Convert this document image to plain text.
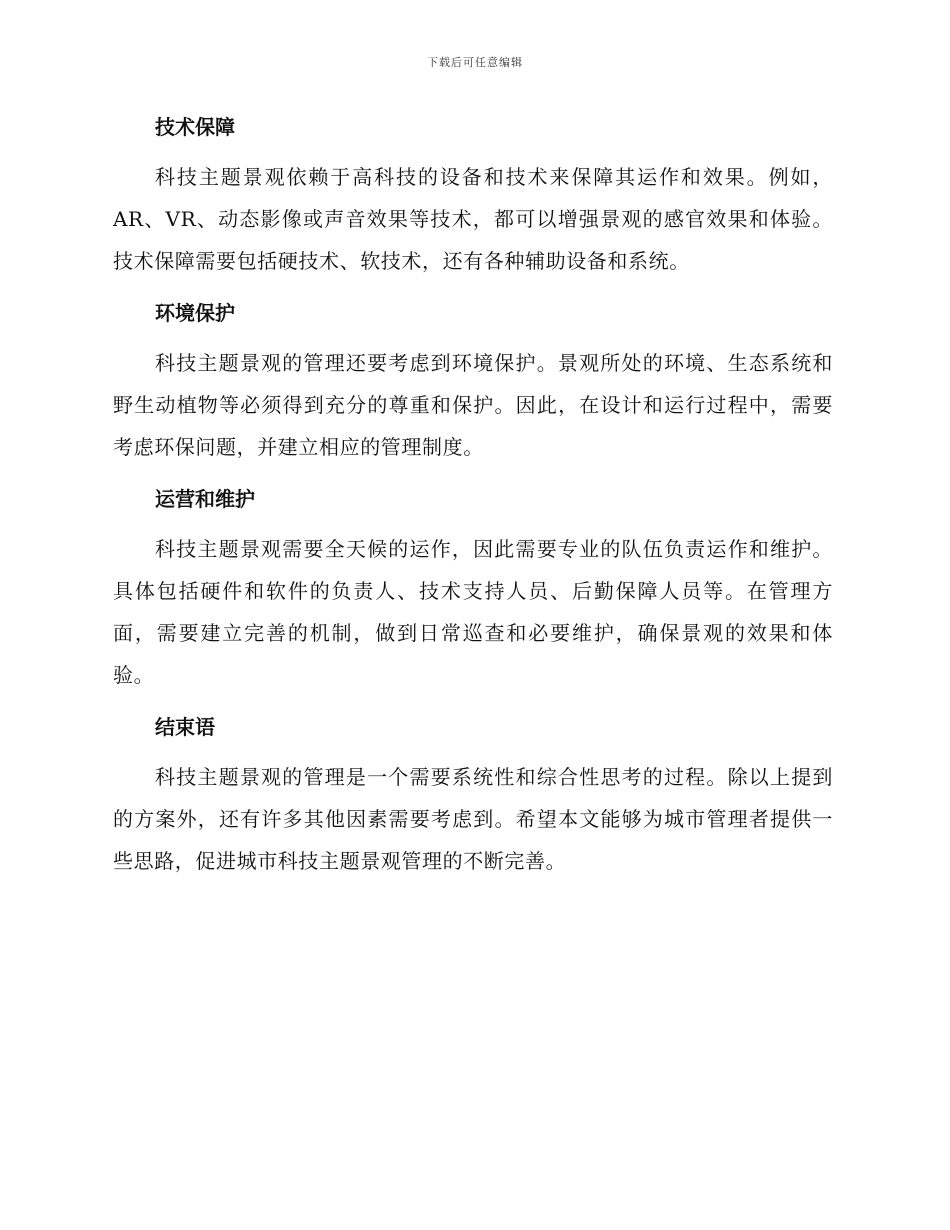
下载后可任意编辑
技术保障

科技主题景观依赖于高科技的设备和技术来保障其运作和效果。例如，AR、VR、动态影像或声音效果等技术，都可以增强景观的感官效果和体验。技术保障需要包括硬技术、软技术，还有各种辅助设备和系统。

环境保护

科技主题景观的管理还要考虑到环境保护。景观所处的环境、生态系统和野生动植物等必须得到充分的尊重和保护。因此，在设计和运行过程中，需要考虑环保问题，并建立相应的管理制度。

运营和维护

科技主题景观需要全天候的运作，因此需要专业的队伍负责运作和维护。具体包括硬件和软件的负责人、技术支持人员、后勤保障人员等。在管理方面，需要建立完善的机制，做到日常巡查和必要维护，确保景观的效果和体验。

结束语

科技主题景观的管理是一个需要系统性和综合性思考的过程。除以上提到的方案外，还有许多其他因素需要考虑到。希望本文能够为城市管理者提供一些思路，促进城市科技主题景观管理的不断完善。
